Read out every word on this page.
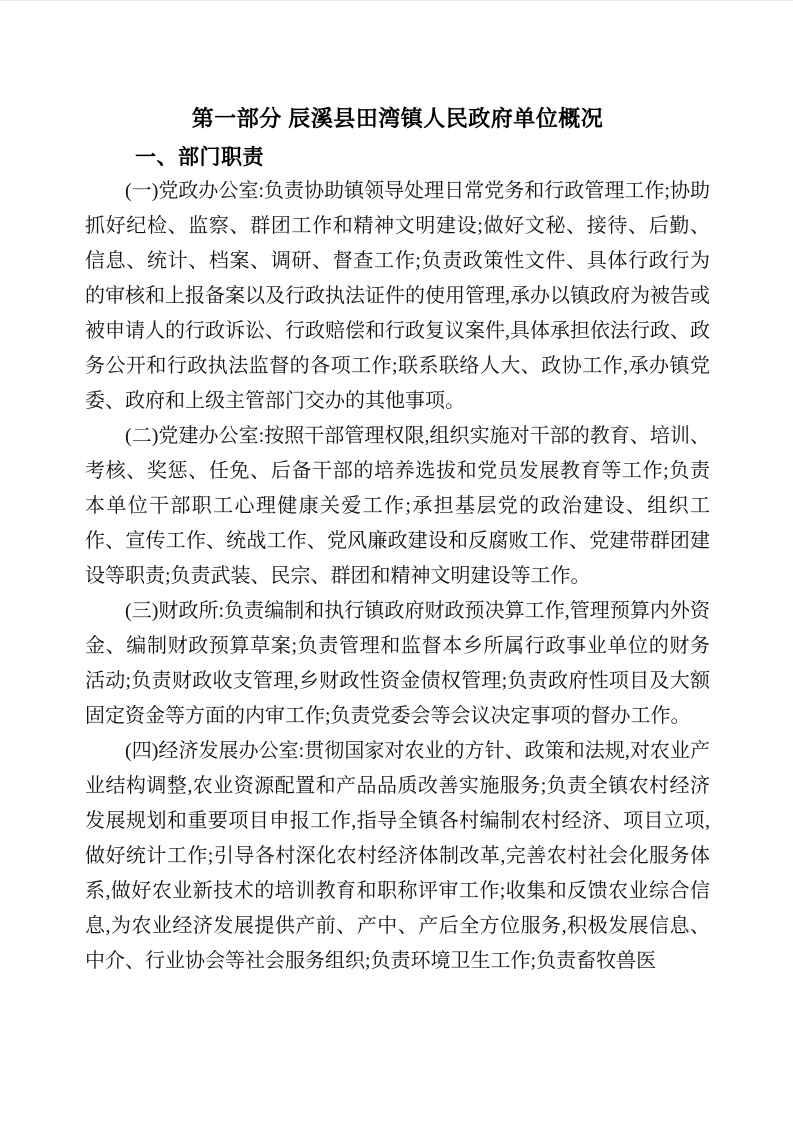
第一部分 辰溪县田湾镇人民政府单位概况
一、部门职责

(一)党政办公室:负责协助镇领导处理日常党务和行政管理工作;协助抓好纪检、监察、群团工作和精神文明建设;做好文秘、接待、后勤、信息、统计、档案、调研、督查工作;负责政策性文件、具体行政行为的审核和上报备案以及行政执法证件的使用管理,承办以镇政府为被告或被申请人的行政诉讼、行政赔偿和行政复议案件,具体承担依法行政、政务公开和行政执法监督的各项工作;联系联络人大、政协工作,承办镇党委、政府和上级主管部门交办的其他事项。

(二)党建办公室:按照干部管理权限,组织实施对干部的教育、培训、考核、奖惩、任免、后备干部的培养选拔和党员发展教育等工作;负责本单位干部职工心理健康关爱工作;承担基层党的政治建设、组织工作、宣传工作、统战工作、党风廉政建设和反腐败工作、党建带群团建设等职责;负责武装、民宗、群团和精神文明建设等工作。

(三)财政所:负责编制和执行镇政府财政预决算工作,管理预算内外资金、编制财政预算草案;负责管理和监督本乡所属行政事业单位的财务活动;负责财政收支管理,乡财政性资金债权管理;负责政府性项目及大额固定资金等方面的内审工作;负责党委会等会议决定事项的督办工作。

(四)经济发展办公室:贯彻国家对农业的方针、政策和法规,对农业产业结构调整,农业资源配置和产品品质改善实施服务;负责全镇农村经济发展规划和重要项目申报工作,指导全镇各村编制农村经济、项目立项,做好统计工作;引导各村深化农村经济体制改革,完善农村社会化服务体系,做好农业新技术的培训教育和职称评审工作;收集和反馈农业综合信息,为农业经济发展提供产前、产中、产后全方位服务,积极发展信息、中介、行业协会等社会服务组织;负责环境卫生工作;负责畜牧兽医
